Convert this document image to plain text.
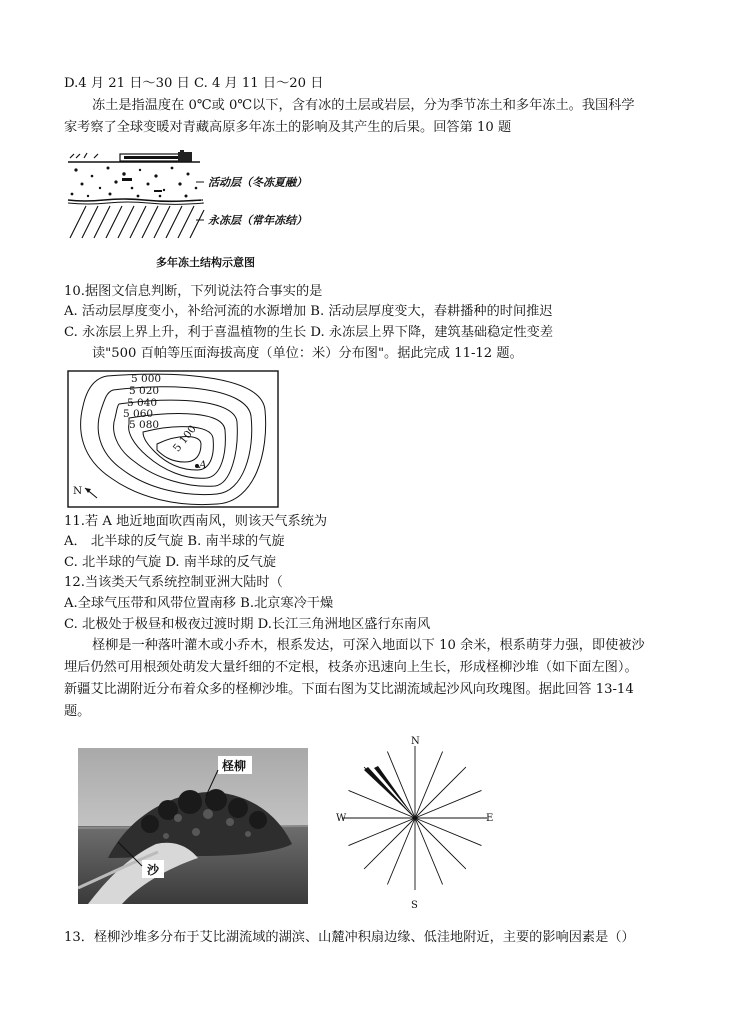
D.4 月 21 日～30 日 C. 4 月 11 日～20 日
冻土是指温度在 0℃或 0℃以下，含有冰的土层或岩层，分为季节冻土和多年冻土。我国科学
家考察了全球变暖对青藏高原多年冻土的影响及其产生的后果。回答第 10 题
活动层（冬冻夏融）
永冻层（常年冻结）
多年冻土结构示意图
10.据图文信息判断，下列说法符合事实的是
A. 活动层厚度变小，补给河流的水源增加 B. 活动层厚度变大，春耕播种的时间推迟
C. 永冻层上界上升，利于喜温植物的生长 D. 永冻层上界下降，建筑基础稳定性变差
读"500 百帕等压面海拔高度（单位：米）分布图"。据此完成 11-12 题。
5 000
5 020
5 040
5 060
5 080 5 100
A
N
11.若 A 地近地面吹西南风，则该天气系统为
A． 北半球的反气旋 B. 南半球的气旋
C. 北半球的气旋 D. 南半球的反气旋
12.当该类天气系统控制亚洲大陆时（
A.全球气压带和风带位置南移 B.北京寒冷干燥
C. 北极处于极昼和极夜过渡时期 D.长江三角洲地区盛行东南风
柽柳是一种落叶灌木或小乔木，根系发达，可深入地面以下 10 余米，根系萌芽力强，即使被沙
埋后仍然可用根颈处萌发大量纤细的不定根，枝条亦迅速向上生长，形成柽柳沙堆（如下面左图）。
新疆艾比湖附近分布着众多的柽柳沙堆。下面右图为艾比湖流域起沙风向玫瑰图。据此回答 13-14
题。
柽柳
沙
N
S
E
W
13．柽柳沙堆多分布于艾比湖流域的湖滨、山麓冲积扇边缘、低洼地附近，主要的影响因素是（）
